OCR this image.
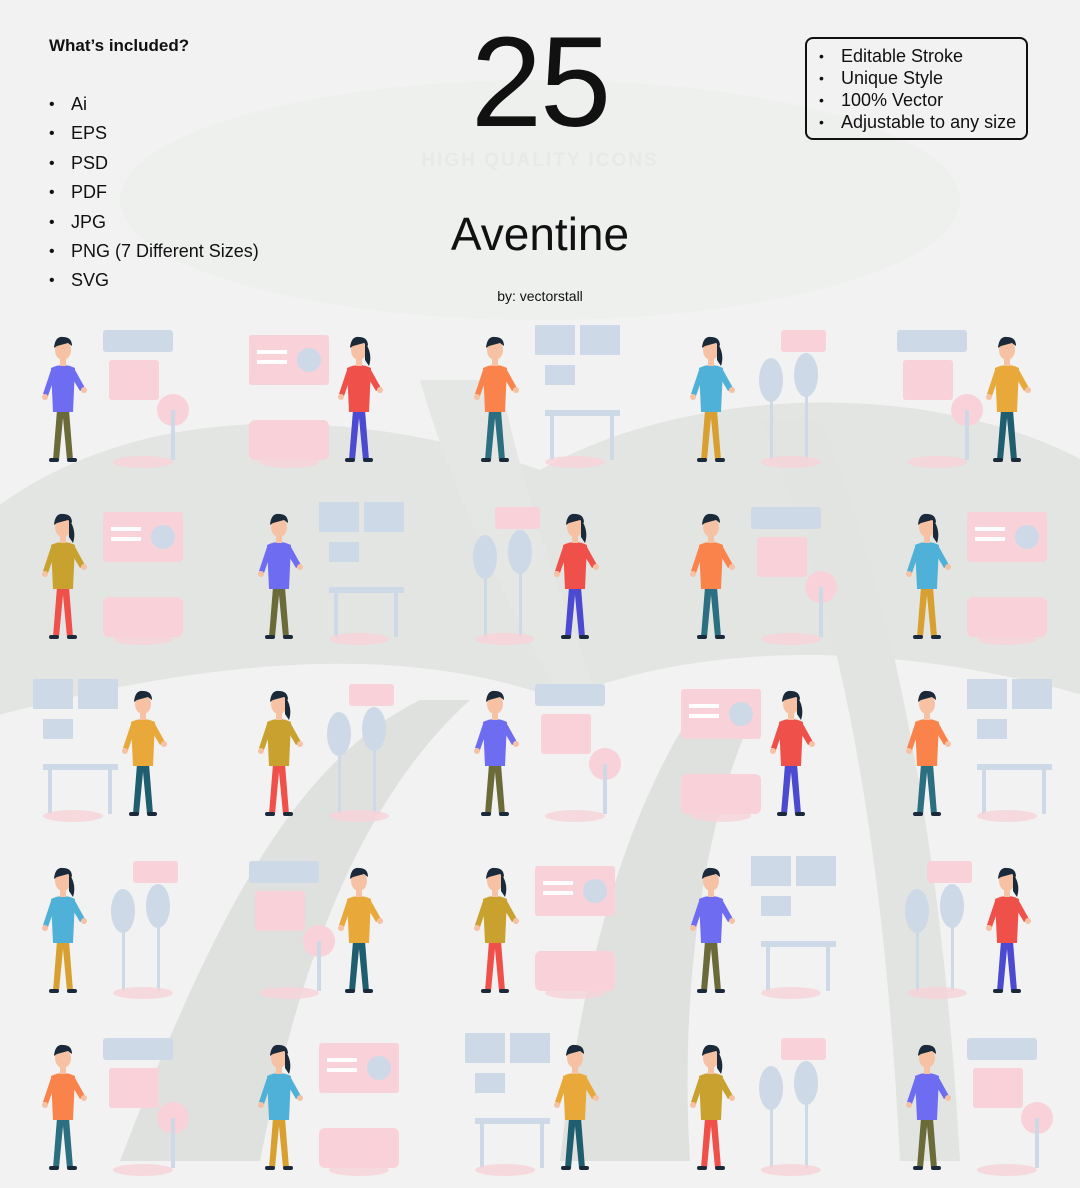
What’s included?
• Ai
• EPS
• PSD
• PDF
• JPG
• PNG (7 Different Sizes)
• SVG
25
HIGH QUALITY ICONS
Aventine
by: vectorstall
• Editable Stroke
• Unique Style
• 100% Vector
• Adjustable to any size
